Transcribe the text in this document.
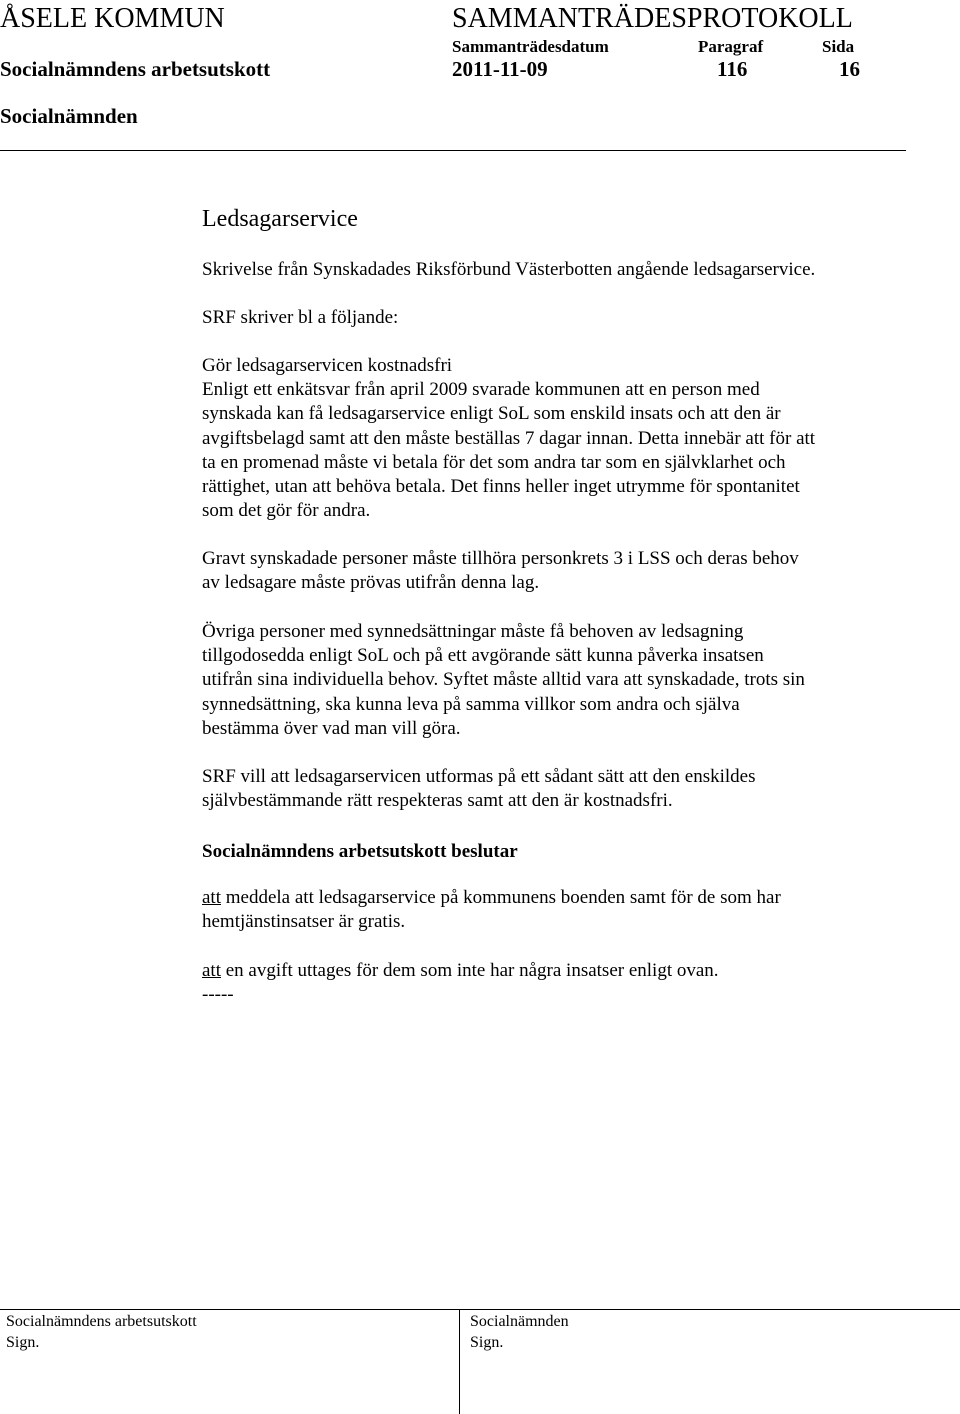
ÅSELE KOMMUN	SAMMANTRÄDESPROTOKOLL
Sammanträdesdatum	Paragraf	Sida
Socialnämndens arbetsutskott	2011-11-09	116	16
Socialnämnden
Ledsagarservice
Skrivelse från Synskadades Riksförbund Västerbotten angående ledsagarservice.
SRF skriver bl a följande:

Gör ledsagarservicen kostnadsfri

Enligt ett enkätsvar från april 2009 svarade kommunen att en person med

synskada kan få ledsagarservice enligt SoL som enskild insats och att den är

avgiftsbelagd samt att den måste beställas 7 dagar innan. Detta innebär att för att

ta en promenad måste vi betala för det som andra tar som en självklarhet och

rättighet, utan att behöva betala. Det finns heller inget utrymme för spontanitet

som det gör för andra.

Gravt synskadade personer måste tillhöra personkrets 3 i LSS och deras behov

av ledsagare måste prövas utifrån denna lag.

Övriga personer med synnedsättningar måste få behoven av ledsagning

tillgodosedda enligt SoL och på ett avgörande sätt kunna påverka insatsen

utifrån sina individuella behov. Syftet måste alltid vara att synskadade, trots sin

synnedsättning, ska kunna leva på samma villkor som andra och själva

bestämma över vad man vill göra.

SRF vill att ledsagarservicen utformas på ett sådant sätt att den enskildes

självbestämmande rätt respekteras samt att den är kostnadsfri.

Socialnämndens arbetsutskott beslutar

att meddela att ledsagarservice på kommunens boenden samt för de som har

hemtjänstinsatser är gratis.

att en avgift uttages för dem som inte har några insatser enligt ovan.

-----
Socialnämndens arbetsutskott
Sign.
Socialnämnden
Sign.
